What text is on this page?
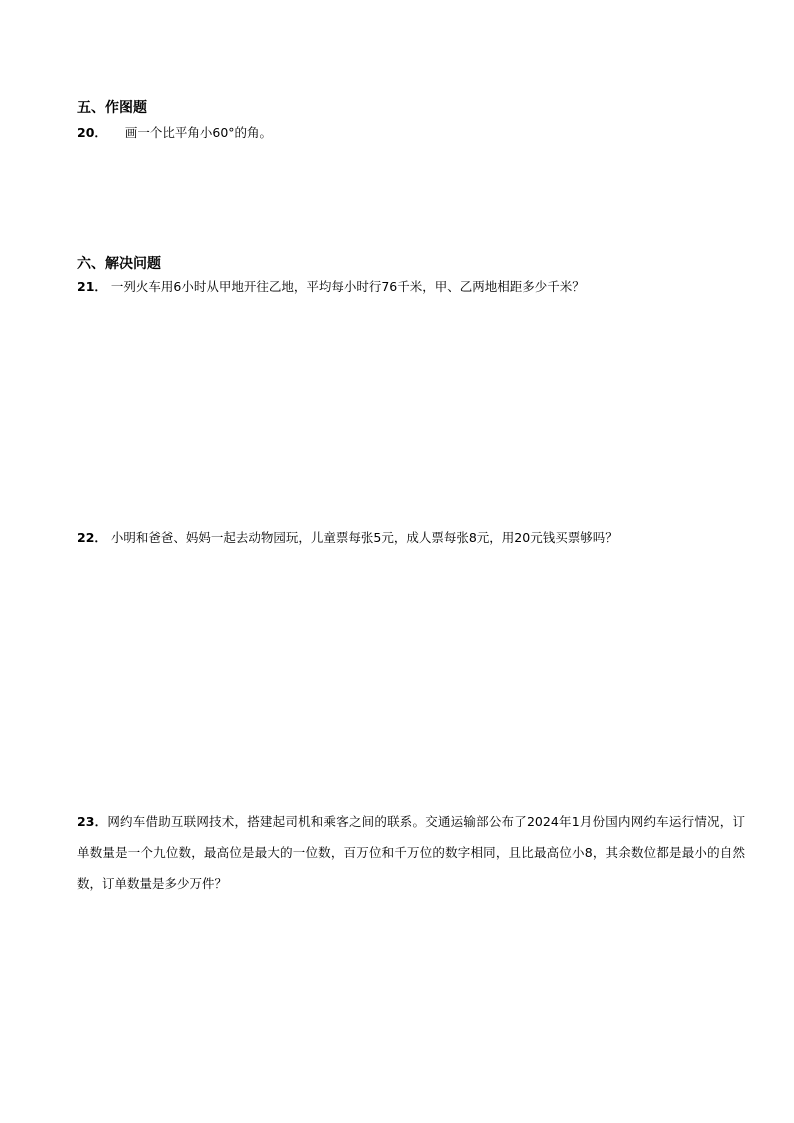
五、作图题
20． 画一个比平角小60°的角。
六、解决问题
21． 一列火车用6小时从甲地开往乙地，平均每小时行76千米，甲、乙两地相距多少千米？
22． 小明和爸爸、妈妈一起去动物园玩，儿童票每张5元，成人票每张8元，用20元钱买票够吗？
23．网约车借助互联网技术，搭建起司机和乘客之间的联系。交通运输部公布了2024年1月份国内网约车运行情况，订单数量是一个九位数，最高位是最大的一位数，百万位和千万位的数字相同，且比最高位小8，其余数位都是最小的自然数，订单数量是多少万件？
